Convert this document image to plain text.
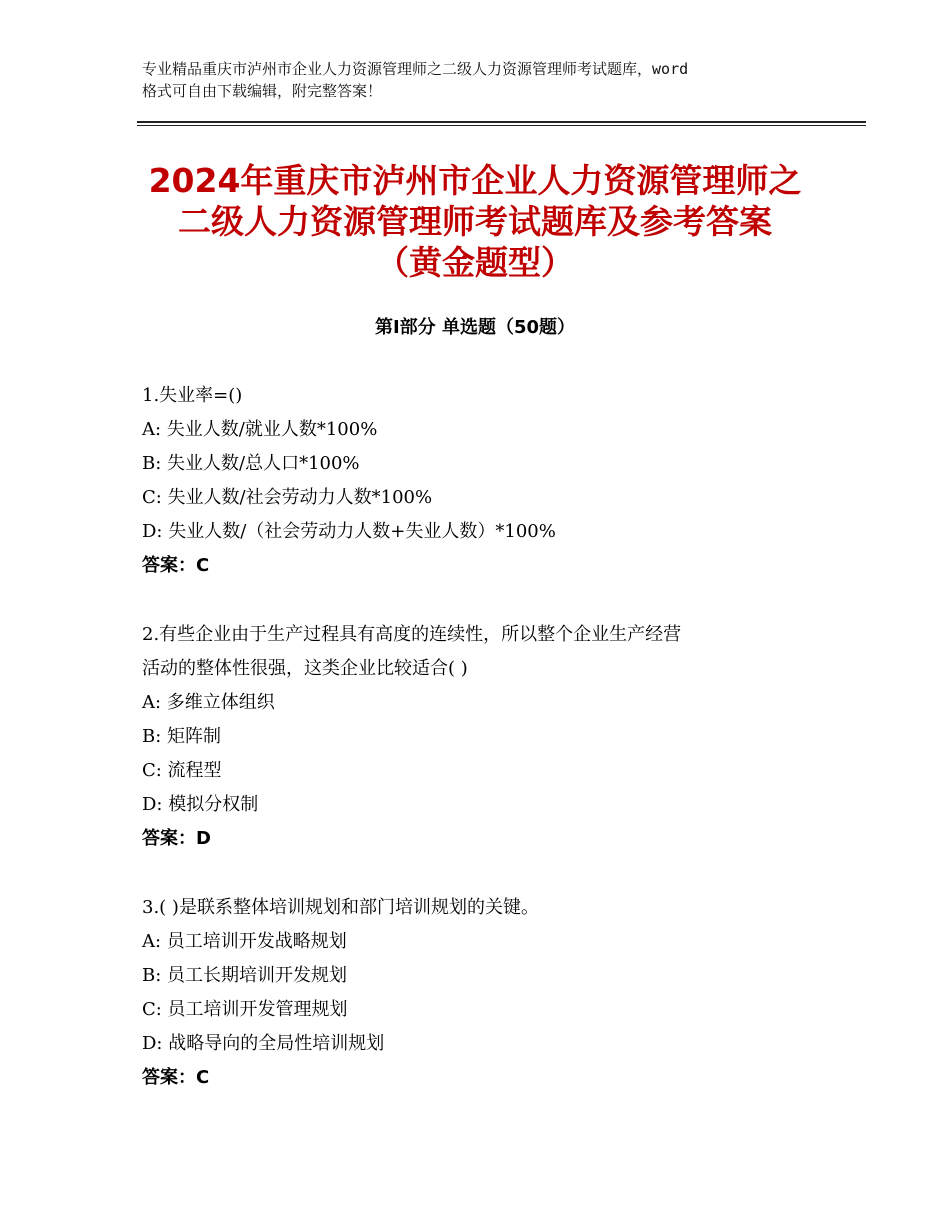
专业精品重庆市泸州市企业人力资源管理师之二级人力资源管理师考试题库，word
格式可自由下载编辑，附完整答案！
2024年重庆市泸州市企业人力资源管理师之
二级人力资源管理师考试题库及参考答案
（黄金题型）
第Ⅰ部分 单选题（50题）
1.失业率=()
A: 失业人数/就业人数*100%
B: 失业人数/总人口*100%
C: 失业人数/社会劳动力人数*100%
D: 失业人数/（社会劳动力人数+失业人数）*100%
答案：C
2.有些企业由于生产过程具有高度的连续性，所以整个企业生产经营
活动的整体性很强，这类企业比较适合( )
A: 多维立体组织
B: 矩阵制
C: 流程型
D: 模拟分权制
答案：D
3.( )是联系整体培训规划和部门培训规划的关键。
A: 员工培训开发战略规划
B: 员工长期培训开发规划
C: 员工培训开发管理规划
D: 战略导向的全局性培训规划
答案：C
